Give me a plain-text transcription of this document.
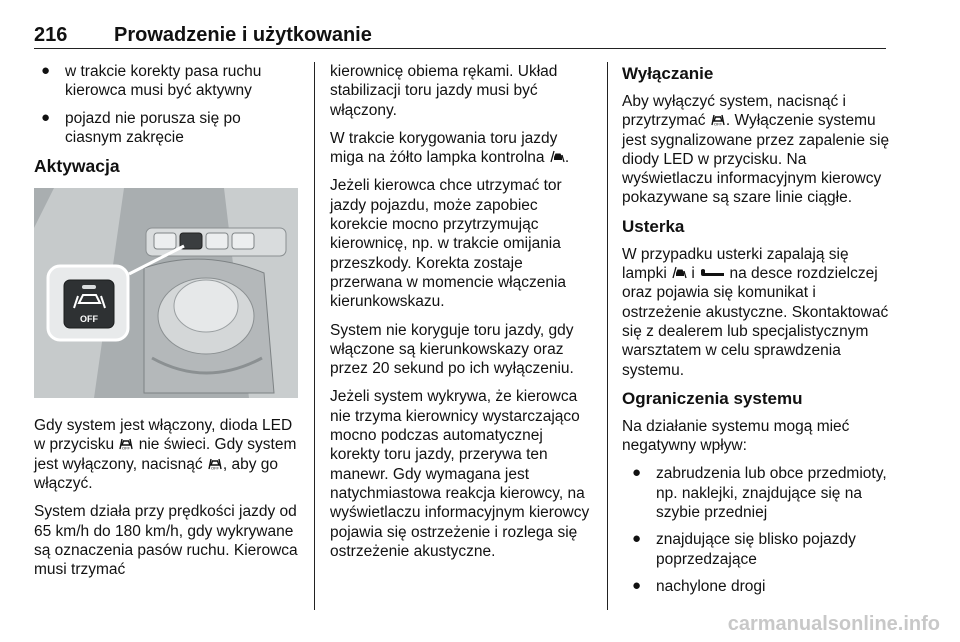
216 Prowadzenie i użytkowanie
● w trakcie korekty pasa ruchu kierowca musi być aktywny
● pojazd nie porusza się po ciasnym zakręcie
Aktywacja
OFF

Gdy system jest włączony, dioda LED w przycisku OFF nie świeci. Gdy system jest wyłączony, nacisnąć OFF , aby go włączyć.

System działa przy prędkości jazdy od 65 km/h do 180 km/h, gdy wykrywane są oznaczenia pasów ruchu. Kierowca musi trzymać

kierownicę obiema rękami. Układ stabilizacji toru jazdy musi być włączony.

W trakcie korygowania toru jazdy miga na żółto lampka kontrolna .

Jeżeli kierowca chce utrzymać tor jazdy pojazdu, może zapobiec korekcie mocno przytrzymując kierownicę, np. w trakcie omijania przeszkody. Korekta zostaje przerwana w momencie włączenia kierunkowskazu.

System nie koryguje toru jazdy, gdy włączone są kierunkowskazy oraz przez 20 sekund po ich wyłączeniu.

Jeżeli system wykrywa, że kierowca nie trzyma kierownicy wystarczająco mocno podczas automatycznej korekty toru jazdy, przerywa ten manewr. Gdy wymagana jest natychmiastowa reakcja kierowcy, na wyświetlaczu informacyjnym kierowcy pojawia się ostrzeżenie i rozlega się ostrzeżenie akustyczne.

Wyłączanie

Aby wyłączyć system, nacisnąć i przytrzymać OFF . Wyłączenie systemu jest sygnalizowane przez zapalenie się diody LED w przycisku. Na wyświetlaczu informacyjnym kierowcy pokazywane są szare linie ciągłe.

Usterka

W przypadku usterki zapalają się lampki i na desce rozdzielczej oraz pojawia się komunikat i ostrzeżenie akustyczne. Skontaktować się z dealerem lub specjalistycznym warsztatem w celu sprawdzenia systemu.

Ograniczenia systemu

Na działanie systemu mogą mieć negatywny wpływ:

● zabrudzenia lub obce przedmioty, np. naklejki, znajdujące się na szybie przedniej
● znajdujące się blisko pojazdy poprzedzające
● nachylone drogi
carmanualsonline.info
